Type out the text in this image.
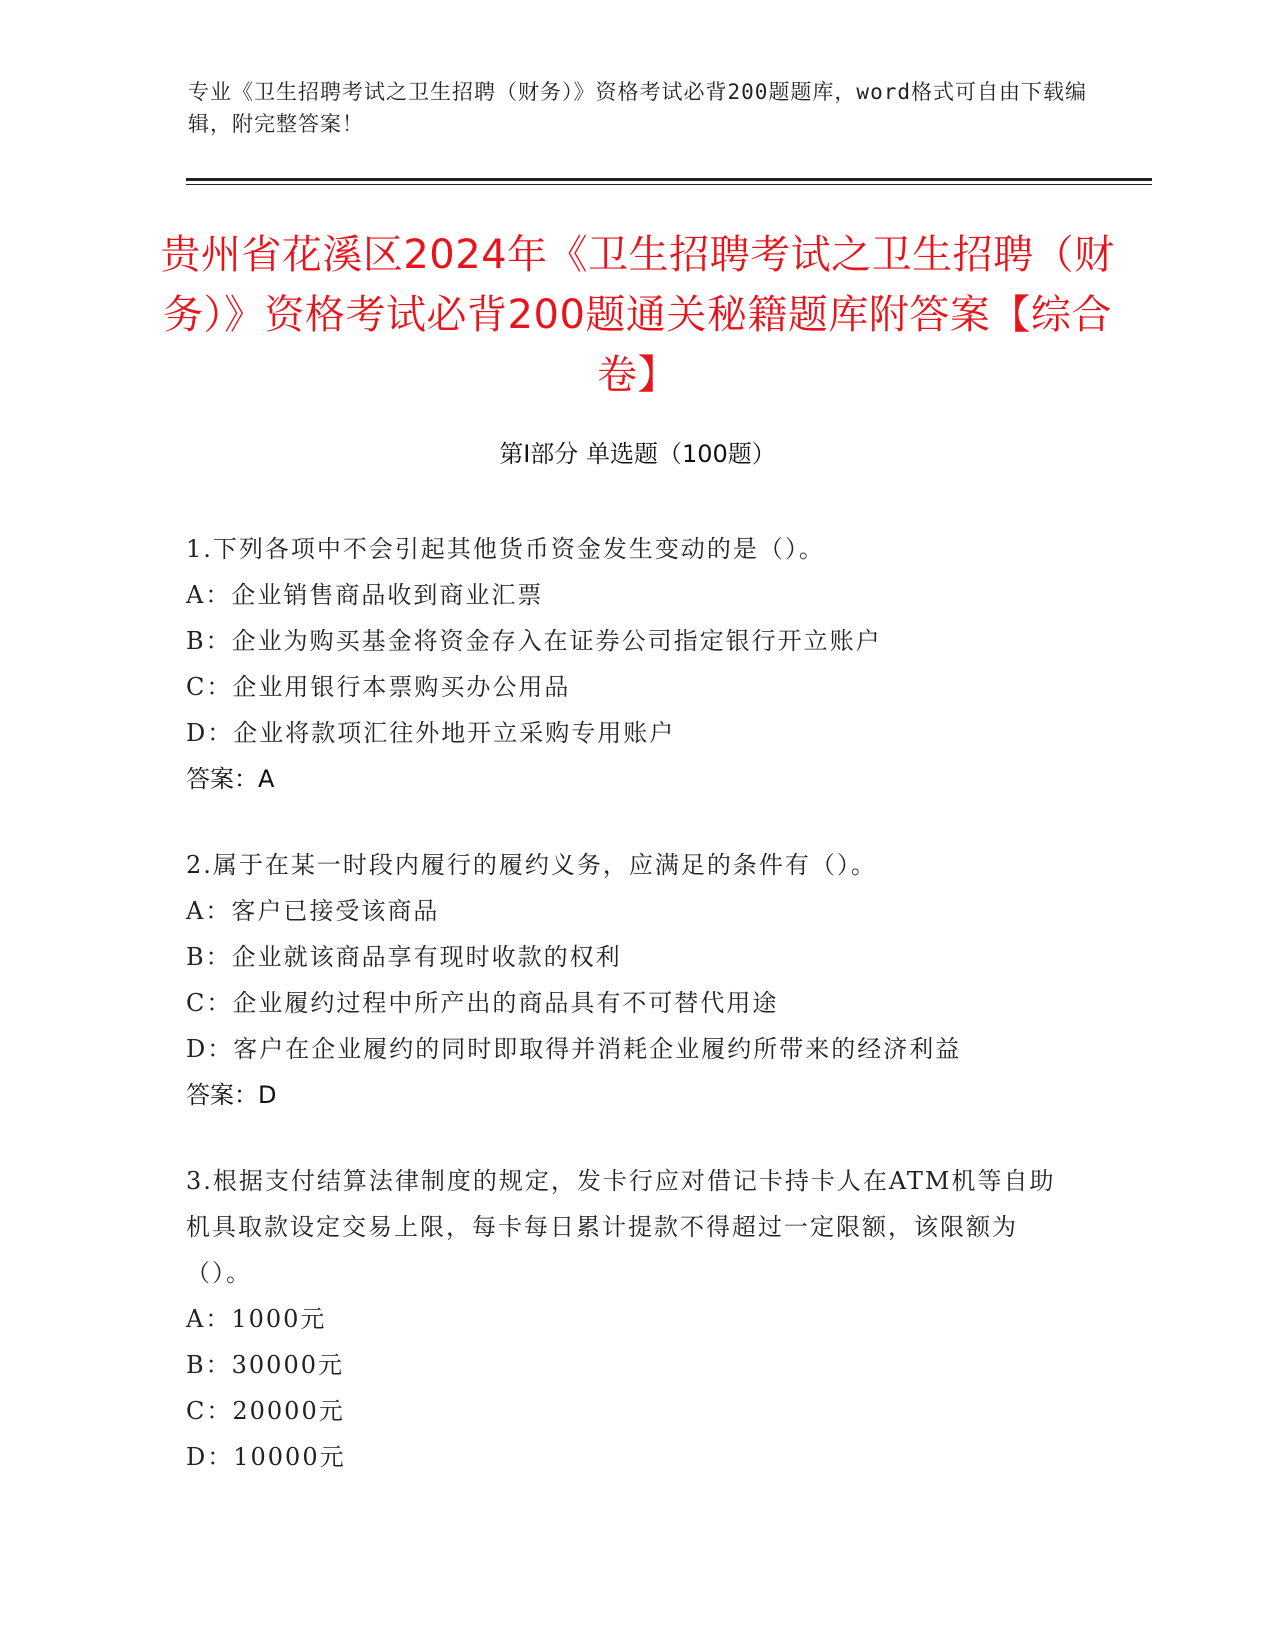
专业《卫生招聘考试之卫生招聘（财务）》资格考试必背200题题库，word格式可自由下载编辑，附完整答案！
贵州省花溪区2024年《卫生招聘考试之卫生招聘（财务）》资格考试必背200题通关秘籍题库附答案【综合卷】
第I部分 单选题（100题）
1.下列各项中不会引起其他货币资金发生变动的是（）。
A：企业销售商品收到商业汇票
B：企业为购买基金将资金存入在证券公司指定银行开立账户
C：企业用银行本票购买办公用品
D：企业将款项汇往外地开立采购专用账户
答案：A
2.属于在某一时段内履行的履约义务，应满足的条件有（）。
A：客户已接受该商品
B：企业就该商品享有现时收款的权利
C：企业履约过程中所产出的商品具有不可替代用途
D：客户在企业履约的同时即取得并消耗企业履约所带来的经济利益
答案：D
3.根据支付结算法律制度的规定，发卡行应对借记卡持卡人在ATM机等自助机具取款设定交易上限，每卡每日累计提款不得超过一定限额，该限额为（）。
A：1000元
B：30000元
C：20000元
D：10000元
